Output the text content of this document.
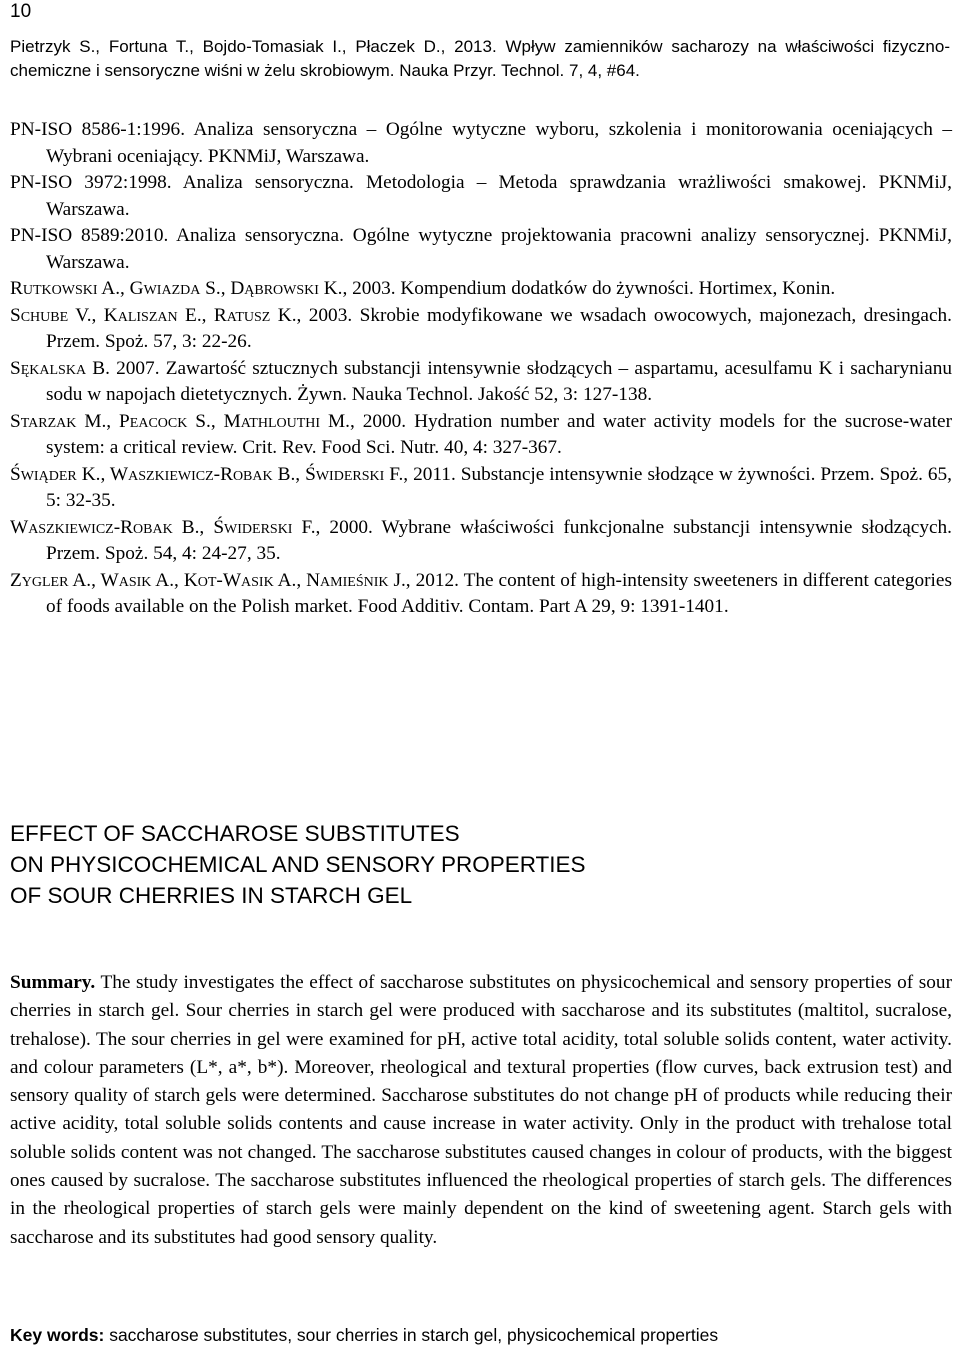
10
Pietrzyk S., Fortuna T., Bojdo-Tomasiak I., Płaczek D., 2013. Wpływ zamienników sacharozy na właściwości fizyczno-chemiczne i sensoryczne wiśni w żelu skrobiowym. Nauka Przyr. Technol. 7, 4, #64.

PN-ISO 8586-1:1996. Analiza sensoryczna – Ogólne wytyczne wyboru, szkolenia i monitorowania oceniających – Wybrani oceniający. PKNMiJ, Warszawa.

PN-ISO 3972:1998. Analiza sensoryczna. Metodologia – Metoda sprawdzania wrażliwości smakowej. PKNMiJ, Warszawa.

PN-ISO 8589:2010. Analiza sensoryczna. Ogólne wytyczne projektowania pracowni analizy sensorycznej. PKNMiJ, Warszawa.

Rutkowski A., Gwiazda S., Dąbrowski K., 2003. Kompendium dodatków do żywności. Hortimex, Konin.

Schube V., Kaliszan E., Ratusz K., 2003. Skrobie modyfikowane we wsadach owocowych, majonezach, dresingach. Przem. Spoż. 57, 3: 22-26.

Sękalska B. 2007. Zawartość sztucznych substancji intensywnie słodzących – aspartamu, acesulfamu K i sacharynianu sodu w napojach dietetycznych. Żywn. Nauka Technol. Jakość 52, 3: 127-138.

Starzak M., Peacock S., Mathlouthi M., 2000. Hydration number and water activity models for the sucrose-water system: a critical review. Crit. Rev. Food Sci. Nutr. 40, 4: 327-367.

Świąder K., Waszkiewicz-Robak B., Świderski F., 2011. Substancje intensywnie słodzące w żywności. Przem. Spoż. 65, 5: 32-35.

Waszkiewicz-Robak B., Świderski F., 2000. Wybrane właściwości funkcjonalne substancji intensywnie słodzących. Przem. Spoż. 54, 4: 24-27, 35.

Zygler A., Wasik A., Kot-Wasik A., Namieśnik J., 2012. The content of high-intensity sweeteners in different categories of foods available on the Polish market. Food Additiv. Contam. Part A 29, 9: 1391-1401.

EFFECT OF SACCHAROSE SUBSTITUTES
ON PHYSICOCHEMICAL AND SENSORY PROPERTIES
OF SOUR CHERRIES IN STARCH GEL

Summary. The study investigates the effect of saccharose substitutes on physicochemical and sensory properties of sour cherries in starch gel. Sour cherries in starch gel were produced with saccharose and its substitutes (maltitol, sucralose, trehalose). The sour cherries in gel were examined for pH, active total acidity, total soluble solids content, water activity. and colour parameters (L*, a*, b*). Moreover, rheological and textural properties (flow curves, back extrusion test) and sensory quality of starch gels were determined. Saccharose substitutes do not change pH of products while reducing their active acidity, total soluble solids contents and cause increase in water activity. Only in the product with trehalose total soluble solids content was not changed. The saccharose substitutes caused changes in colour of products, with the biggest ones caused by sucralose. The saccharose substitutes influenced the rheological properties of starch gels. The differences in the rheological properties of starch gels were mainly dependent on the kind of sweetening agent. Starch gels with saccharose and its substitutes had good sensory quality.

Key words: saccharose substitutes, sour cherries in starch gel, physicochemical properties
